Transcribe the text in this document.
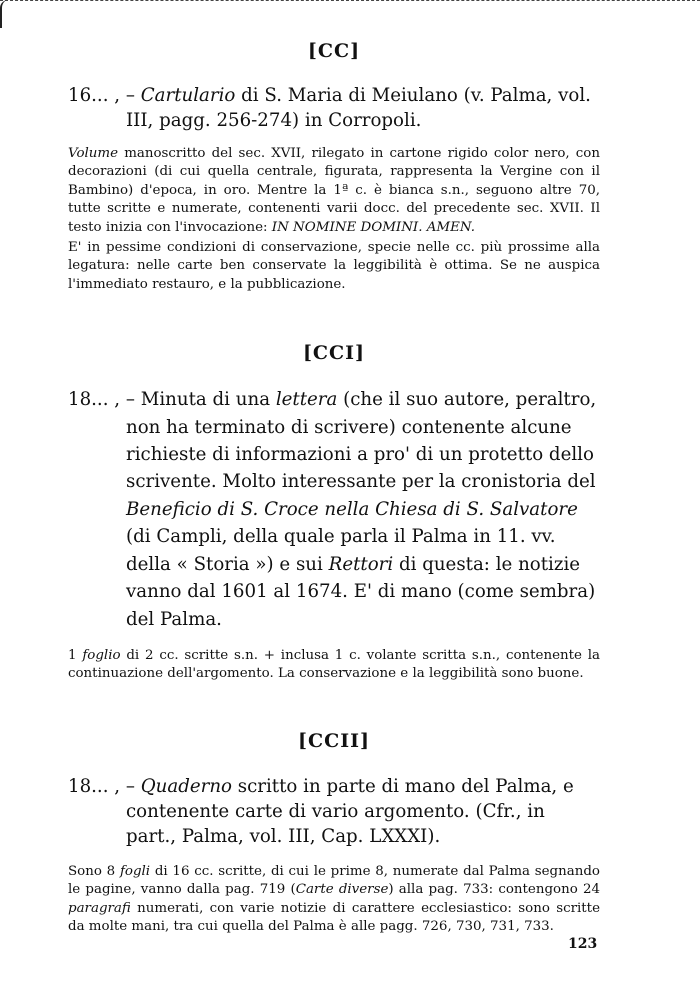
[CC]

16... , – Cartulario di S. Maria di Meiulano (v. Palma, vol. III, pagg. 256-274) in Corropoli.

Volume manoscritto del sec. XVII, rilegato in cartone rigido color nero, con decorazioni (di cui quella centrale, figurata, rappresenta la Vergine con il Bambino) d'epoca, in oro. Mentre la 1ª c. è bianca s.n., seguono altre 70, tutte scritte e numerate, contenenti varii docc. del precedente sec. XVII. Il testo inizia con l'invocazione: IN NOMINE DOMINI. AMEN.

E' in pessime condizioni di conservazione, specie nelle cc. più prossime alla legatura: nelle carte ben conservate la leggibilità è ottima. Se ne auspica l'immediato restauro, e la pubblicazione.

[CCI]

18... , – Minuta di una lettera (che il suo autore, peraltro, non ha terminato di scrivere) contenente alcune richieste di informazioni a pro' di un protetto dello scrivente. Molto interessante per la cronistoria del Beneficio di S. Croce nella Chiesa di S. Salvatore (di Campli, della quale parla il Palma in 11. vv. della « Storia ») e sui Rettori di questa: le notizie vanno dal 1601 al 1674. E' di mano (come sembra) del Palma.

1 foglio di 2 cc. scritte s.n. + inclusa 1 c. volante scritta s.n., contenente la continuazione dell'argomento. La conservazione e la leggibilità sono buone.

[CCII]

18... , – Quaderno scritto in parte di mano del Palma, e contenente carte di vario argomento. (Cfr., in part., Palma, vol. III, Cap. LXXXI).

Sono 8 fogli di 16 cc. scritte, di cui le prime 8, numerate dal Palma segnando le pagine, vanno dalla pag. 719 (Carte diverse) alla pag. 733: contengono 24 paragrafi numerati, con varie notizie di carattere ecclesiastico: sono scritte da molte mani, tra cui quella del Palma è alle pagg. 726, 730, 731, 733.

123
